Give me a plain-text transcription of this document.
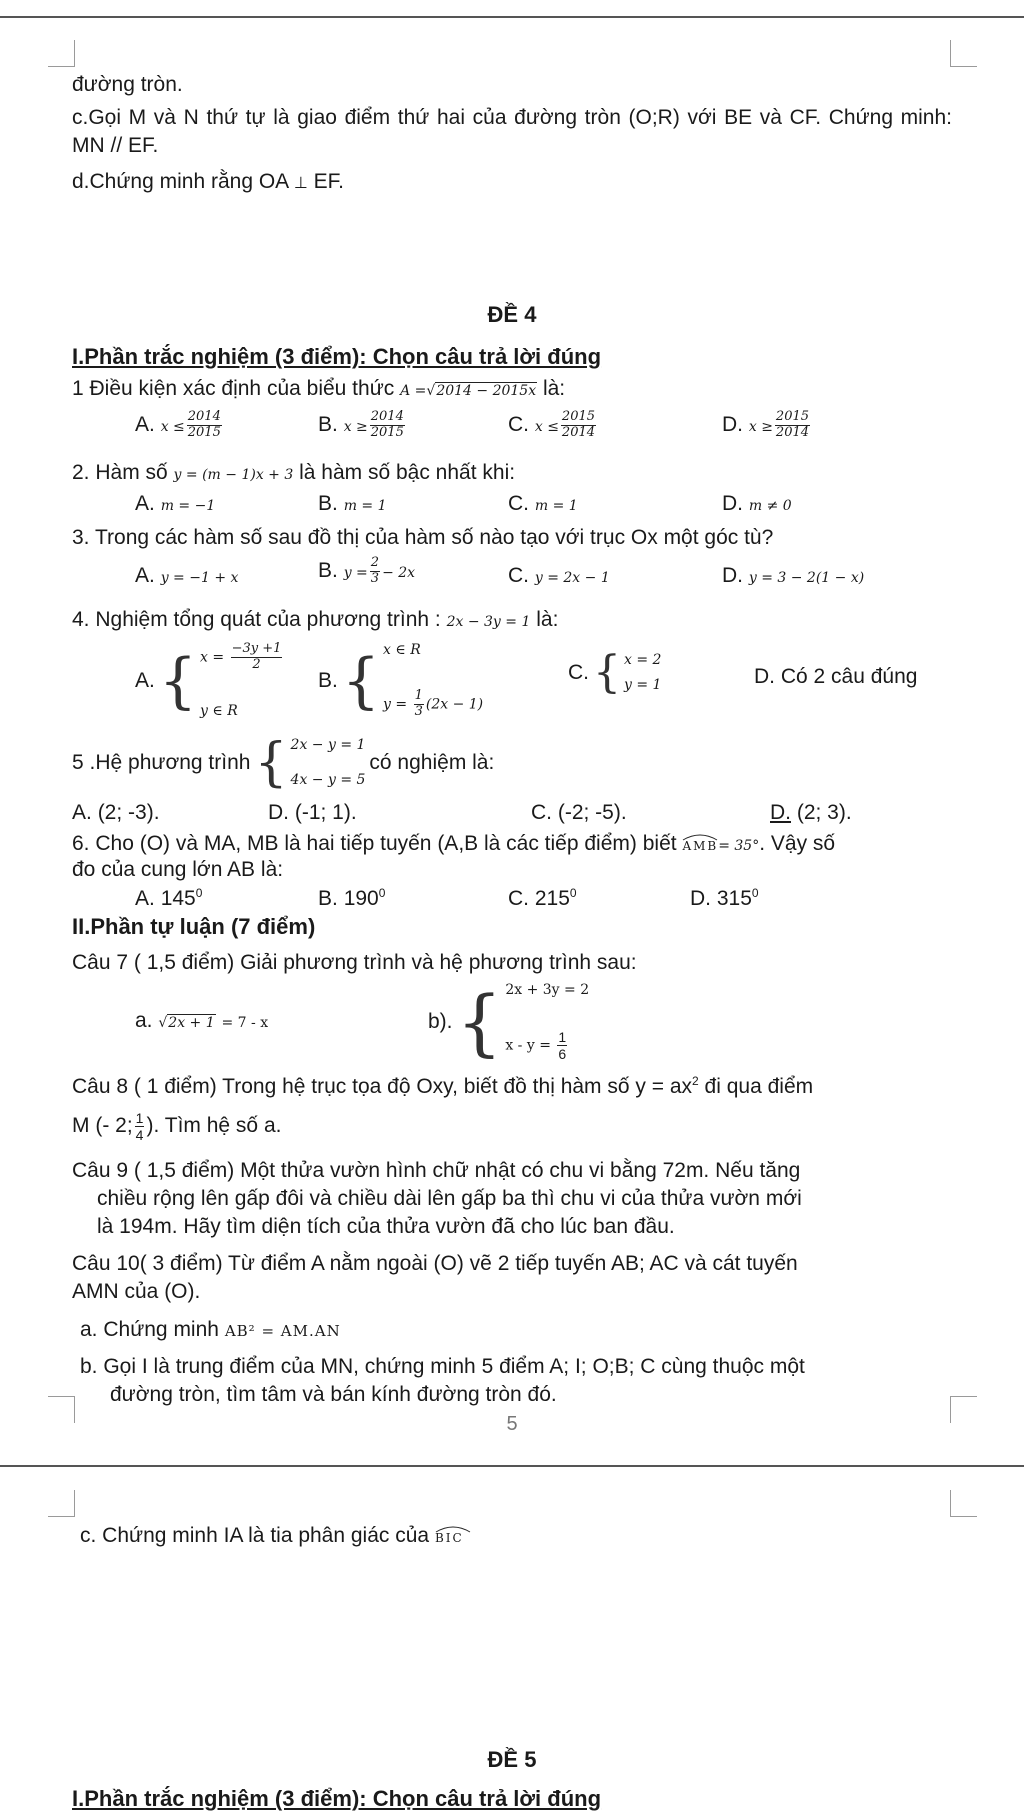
đường tròn.
c.Gọi M và N thứ tự là giao điểm thứ hai của đường tròn (O;R) với BE và CF. Chứng minh: MN // EF.
d.Chứng minh rằng OA ⊥ EF.
ĐỀ 4
I.Phần trắc nghiệm (3 điểm): Chọn câu trả lời đúng
1 Điều kiện xác định của biểu thức A =√2014 − 2015x là:
A. $x \le \frac{2014}{2015}$	B. $x \ge \frac{2014}{2015}$	C. $x \le \frac{2015}{2014}$	D. $x \ge \frac{2015}{2014}$
2. Hàm số y = (m − 1)x + 3 là hàm số bậc nhất khi:
A. m = −1	B. m = 1	C. m = 1	D. m ≠ 0
3. Trong các hàm số sau đồ thị của hàm số nào tạo với trục Ox một góc tù?
A. y = −1 + x	B. $y = \frac{2}{3} - 2x$	C. y = 2x − 1	D. y = 3 − 2(1 − x)
4. Nghiệm tổng quát của phương trình : 2x − 3y = 1 là:
A. { $x = \frac{-3y +1}{2}$
y ∈ R
B. { x ∈ R
$y = \frac{1}{3} (2x - 1)$
C. { x = 2
y = 1	D. Có 2 câu đúng
5 .Hệ phương trình { 2x − y = 1
4x − y = 5
có nghiệm là:
A. (2; -3).	D. (-1; 1).	C. (-2; -5).	D. (2; 3).
6. Cho (O) và MA, MB là hai tiếp tuyến (A,B là các tiếp điểm) biết AMB= 35°. Vậy số
đo của cung lớn AB là:
A. $145^0$	B. $190^0$	C. $215^0$	D. $315^0$
II.Phần tự luận (7 điểm)
Câu 7 ( 1,5 điểm) Giải phương trình và hệ phương trình sau:
a. √2x + 1 = 7 - x	b). { 2x + 3y = 2
$x - y = \frac{1}{6}$
Câu 8 ( 1 điểm) Trong hệ trục tọa độ Oxy, biết đồ thị hàm số $y = ax^2$ đi qua điểm
M (- 2; $\frac{1}{4}$ ). Tìm hệ số a.
Câu 9 ( 1,5 điểm) Một thửa vườn hình chữ nhật có chu vi bằng 72m. Nếu tăng
chiều rộng lên gấp đôi và chiều dài lên gấp ba thì chu vi của thửa vườn mới
là 194m. Hãy tìm diện tích của thửa vườn đã cho lúc ban đầu.
Câu 10( 3 điểm) Từ điểm A nằm ngoài (O) vẽ 2 tiếp tuyến AB; AC và cát tuyến
AMN của (O).
a. Chứng minh AB² = AM.AN
b. Gọi I là trung điểm của MN, chứng minh 5 điểm A; I; O;B; C cùng thuộc một
đường tròn, tìm tâm và bán kính đường tròn đó.
5
c. Chứng minh IA là tia phân giác của BIC
ĐỀ 5
I.Phần trắc nghiệm (3 điểm): Chọn câu trả lời đúng
